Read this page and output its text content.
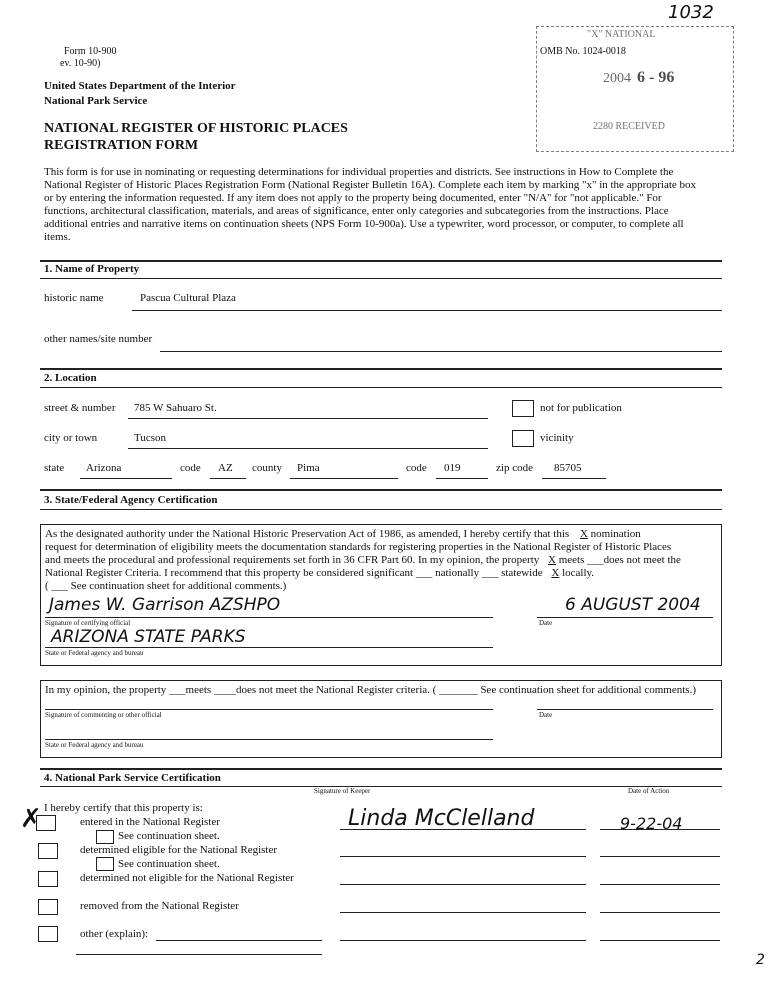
1032
Form 10-900
ev. 10-90)
OMB No. 1024-0018
"X" NATIONAL
2004 6 - 96
2280 RECEIVED
United States Department of the Interior
National Park Service
NATIONAL REGISTER OF HISTORIC PLACES
REGISTRATION FORM
This form is for use in nominating or requesting determinations for individual properties and districts. See instructions in How to Complete the
National Register of Historic Places Registration Form (National Register Bulletin 16A). Complete each item by marking "x" in the appropriate box
or by entering the information requested. If any item does not apply to the property being documented, enter "N/A" for "not applicable." For
functions, architectural classification, materials, and areas of significance, enter only categories and subcategories from the instructions. Place
additional entries and narrative items on continuation sheets (NPS Form 10-900a). Use a typewriter, word processor, or computer, to complete all
items.
1. Name of Property
historic name	Pascua Cultural Plaza
other names/site number
2. Location
street & number 785 W Sahuaro St.	not for publication
city or town	Tucson	vicinity
state Arizona	code AZ county Pima	code 019	zip code 85705
3. State/Federal Agency Certification
As the designated authority under the National Historic Preservation Act of 1986, as amended, I hereby certify that this X nomination
request for determination of eligibility meets the documentation standards for registering properties in the National Register of Historic Places
and meets the procedural and professional requirements set forth in 36 CFR Part 60. In my opinion, the property X meets ___does not meet the
National Register Criteria. I recommend that this property be considered significant ___ nationally ___ statewide X locally.
( ___ See continuation sheet for additional comments.)
James W. Garrison AZSHPO
Signature of certifying official
6 AUGUST 2004
Date
ARIZONA STATE PARKS
State or Federal agency and bureau
In my opinion, the property ___meets ____does not meet the National Register criteria. ( _______ See continuation sheet for additional comments.)
Signature of commenting or other official	Date
State or Federal agency and bureau
4. National Park Service Certification
Signature of Keeper	Date of Action
I hereby certify that this property is:	Linda McClelland	9-22-04
✗	entered in the National Register
See continuation sheet.
determined eligible for the National Register
See continuation sheet.
determined not eligible for the National Register
removed from the National Register
other (explain):
2
